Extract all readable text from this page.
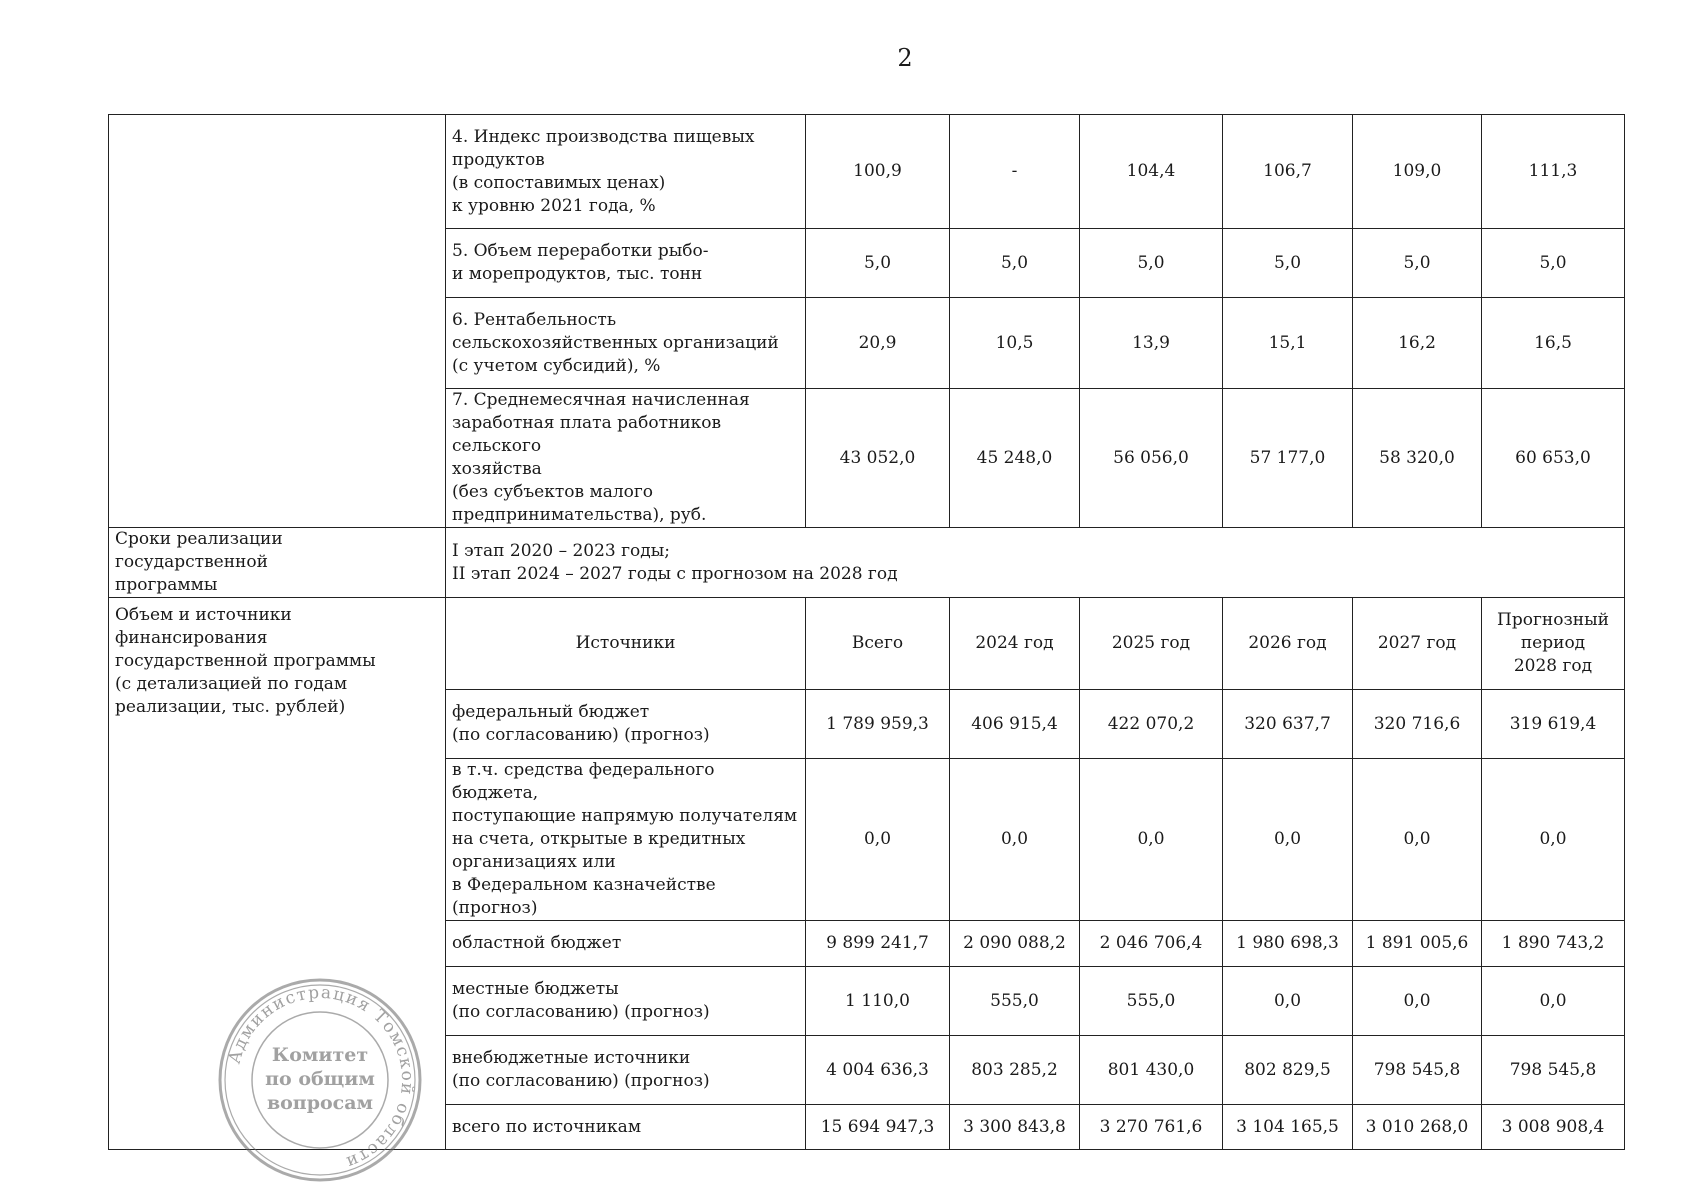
2
	4. Индекс производства пищевых
продуктов
(в сопоставимых ценах)
к уровню 2021 года, %	100,9	-	104,4	106,7	109,0	111,3
	5. Объем переработки рыбо-
и морепродуктов, тыс. тонн	5,0	5,0	5,0	5,0	5,0	5,0
	6. Рентабельность
сельскохозяйственных организаций
(с учетом субсидий), %	20,9	10,5	13,9	15,1	16,2	16,5
	7. Среднемесячная начисленная
заработная плата работников сельского
хозяйства
(без субъектов малого
предпринимательства), руб.	43 052,0	45 248,0	56 056,0	57 177,0	58 320,0	60 653,0
Сроки реализации государственной
программы	I этап 2020 – 2023 годы;
II этап 2024 – 2027 годы с прогнозом на 2028 год						
Объем и источники финансирования
государственной программы
(с детализацией по годам
реализации, тыс. рублей)	Источники	Всего	2024 год	2025 год	2026 год	2027 год	Прогнозный
период
2028 год
	федеральный бюджет
(по согласованию) (прогноз)	1 789 959,3	406 915,4	422 070,2	320 637,7	320 716,6	319 619,4
	в т.ч. средства федерального бюджета,
поступающие напрямую получателям
на счета, открытые в кредитных
организациях или
в Федеральном казначействе (прогноз)	0,0	0,0	0,0	0,0	0,0	0,0
	областной бюджет	9 899 241,7	2 090 088,2	2 046 706,4	1 980 698,3	1 891 005,6	1 890 743,2
	местные бюджеты
(по согласованию) (прогноз)	1 110,0	555,0	555,0	0,0	0,0	0,0
	внебюджетные источники
(по согласованию) (прогноз)	4 004 636,3	803 285,2	801 430,0	802 829,5	798 545,8	798 545,8
	всего по источникам	15 694 947,3	3 300 843,8	3 270 761,6	3 104 165,5	3 010 268,0	3 008 908,4
Администрация Томской области
Комитет
по общим
вопросам
